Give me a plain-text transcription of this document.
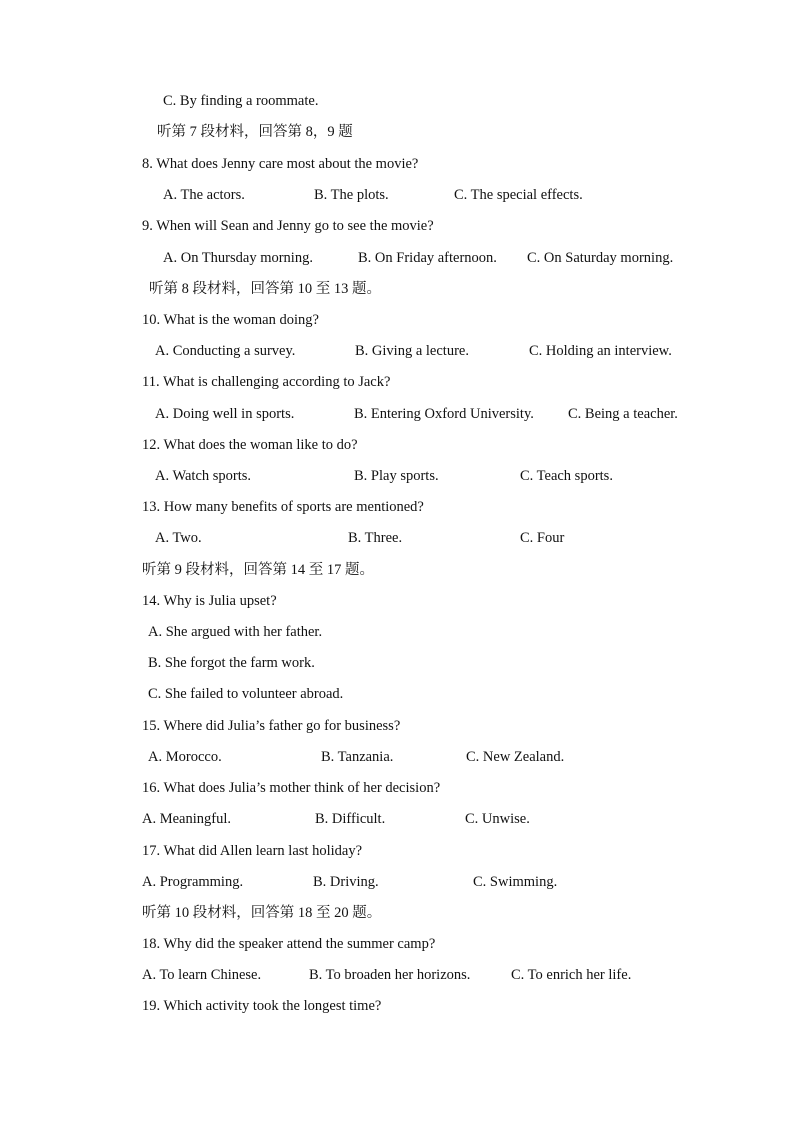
C. By finding a roommate.
听第 7 段材料，回答第 8，9 题
8. What does Jenny care most about the movie?
A. The actors.	B. The plots.	C. The special effects.
9. When will Sean and Jenny go to see the movie?
A. On Thursday morning.	B. On Friday afternoon. C. On Saturday morning.
听第 8 段材料，回答第 10 至 13 题。
10. What is the woman doing?
A. Conducting a survey.	B. Giving a lecture.	C. Holding an interview.
11. What is challenging according to Jack?
A. Doing well in sports.	B. Entering Oxford University. C. Being a teacher.
12. What does the woman like to do?
A. Watch sports.	B. Play sports.	C. Teach sports.
13. How many benefits of sports are mentioned?
A. Two.	B. Three.	C. Four
听第 9 段材料，回答第 14 至 17 题。
14. Why is Julia upset?
A. She argued with her father.
B. She forgot the farm work.
C. She failed to volunteer abroad.
15. Where did Julia’s father go for business?
A. Morocco.	B. Tanzania.	C. New Zealand.
16. What does Julia’s mother think of her decision?
A. Meaningful.	B. Difficult.	C. Unwise.
17. What did Allen learn last holiday?
A. Programming.	B. Driving.	C. Swimming.
听第 10 段材料，回答第 18 至 20 题。
18. Why did the speaker attend the summer camp?
A. To learn Chinese.	B. To broaden her horizons.	C. To enrich her life.
19. Which activity took the longest time?
